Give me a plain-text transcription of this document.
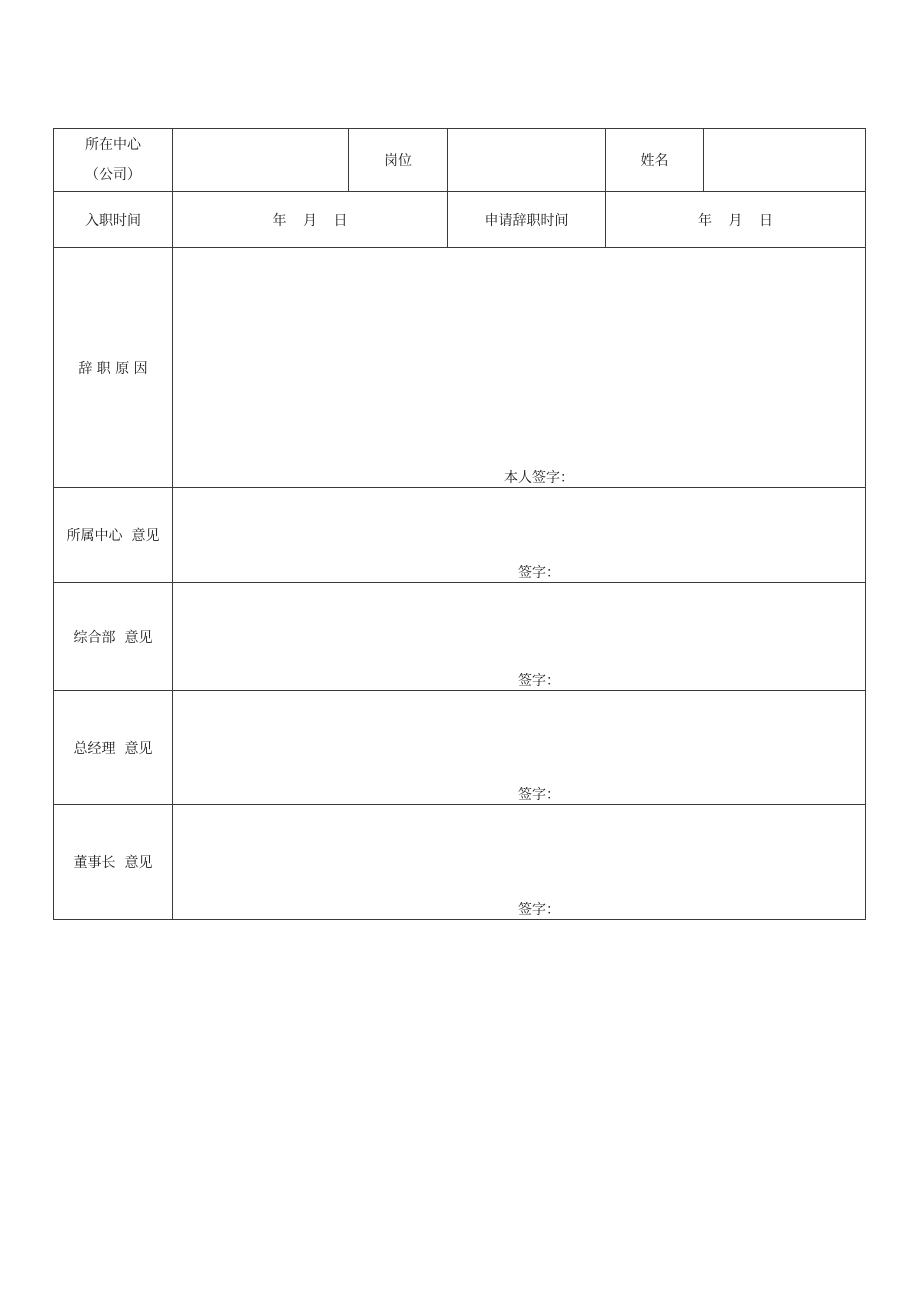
所在中心
（公司）		岗位		姓名	
入职时间	年 月 日		申请辞职时间	年 月 日	
辞 职 原 因	本人签字：				

所属中心  意见	签字：				

综合部  意见	签字：				

总经理  意见	签字：				

董事长  意见	签字：				
